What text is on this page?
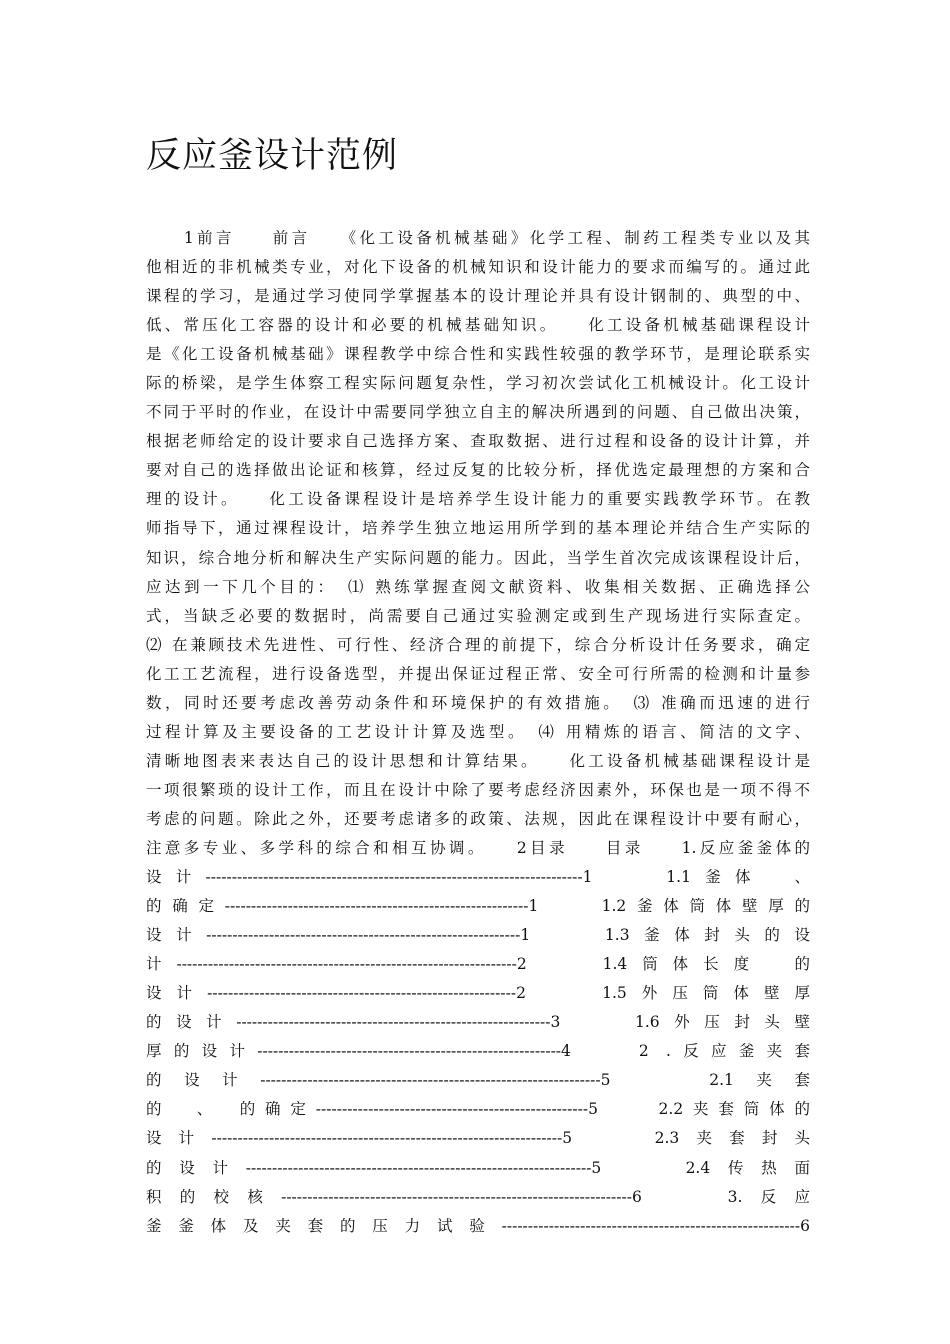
反应釜设计范例
　　1前言　　前言　　《化工设备机械基础》化学工程、制药工程类专业以及其
他相近的非机械类专业，对化下设备的机械知识和设计能力的要求而编写的。通过此
课程的学习，是通过学习使同学掌握基本的设计理论并具有设计钢制的、典型的中、
低、常压化工容器的设计和必要的机械基础知识。　　化工设备机械基础课程设计
是《化工设备机械基础》课程教学中综合性和实践性较强的教学环节，是理论联系实
际的桥梁，是学生体察工程实际问题复杂性，学习初次尝试化工机械设计。化工设计
不同于平时的作业，在设计中需要同学独立自主的解决所遇到的问题、自己做出决策，
根据老师给定的设计要求自己选择方案、查取数据、进行过程和设备的设计计算，并
要对自己的选择做出论证和核算，经过反复的比较分析，择优选定最理想的方案和合
理的设计。　　化工设备课程设计是培养学生设计能力的重要实践教学环节。在教
师指导下，通过裸程设计，培养学生独立地运用所学到的基本理论并结合生产实际的
知识，综合地分析和解决生产实际问题的能力。因此，当学生首次完成该课程设计后，
应达到一下几个目的：　⑴ 熟练掌握查阅文献资料、收集相关数据、正确选择公
式，当缺乏必要的数据时，尚需要自己通过实验测定或到生产现场进行实际查定。
⑵ 在兼顾技术先进性、可行性、经济合理的前提下，综合分析设计任务要求，确定
化工工艺流程，进行设备选型，并提出保证过程正常、安全可行所需的检测和计量参
数，同时还要考虑改善劳动条件和环境保护的有效措施。　⑶ 准确而迅速的进行
过程计算及主要设备的工艺设计计算及选型。　⑷ 用精炼的语言、简洁的文字、
清晰地图表来表达自己的设计思想和计算结果。　　化工设备机械基础课程设计是
一项很繁琐的设计工作，而且在设计中除了要考虑经济因素外，环保也是一项不得不
考虑的问题。除此之外，还要考虑诸多的政策、法规，因此在课程设计中要有耐心，
注意多专业、多学科的综合和相互协调。　　2目录　　目录　　1.反应釜釜体的
设计------------------------------------------------------------------------1　　1.1釜体　、
的确定----------------------------------------------------------1　　1.2釜体筒体壁厚的
设计------------------------------------------------------------1　　1.3釜体封头的设
计-----------------------------------------------------------------2　　1.4筒体长度　的
设计-----------------------------------------------------------2　　1.5外压筒体壁厚
的设计------------------------------------------------------------3　　1.6外压封头壁
厚的设计----------------------------------------------------------4　　2 .反应釜夹套
的设计-----------------------------------------------------------------5　　2.1夹套
的　、　的确定----------------------------------------------------5　　2.2夹套筒体的
设计-------------------------------------------------------------------5　　2.3夹套封头
的设计------------------------------------------------------------------5　　2.4传热面
积的校核-------------------------------------------------------------------6　　3.反应
釜釜体及夹套的压力试验---------------------------------------------------------6
